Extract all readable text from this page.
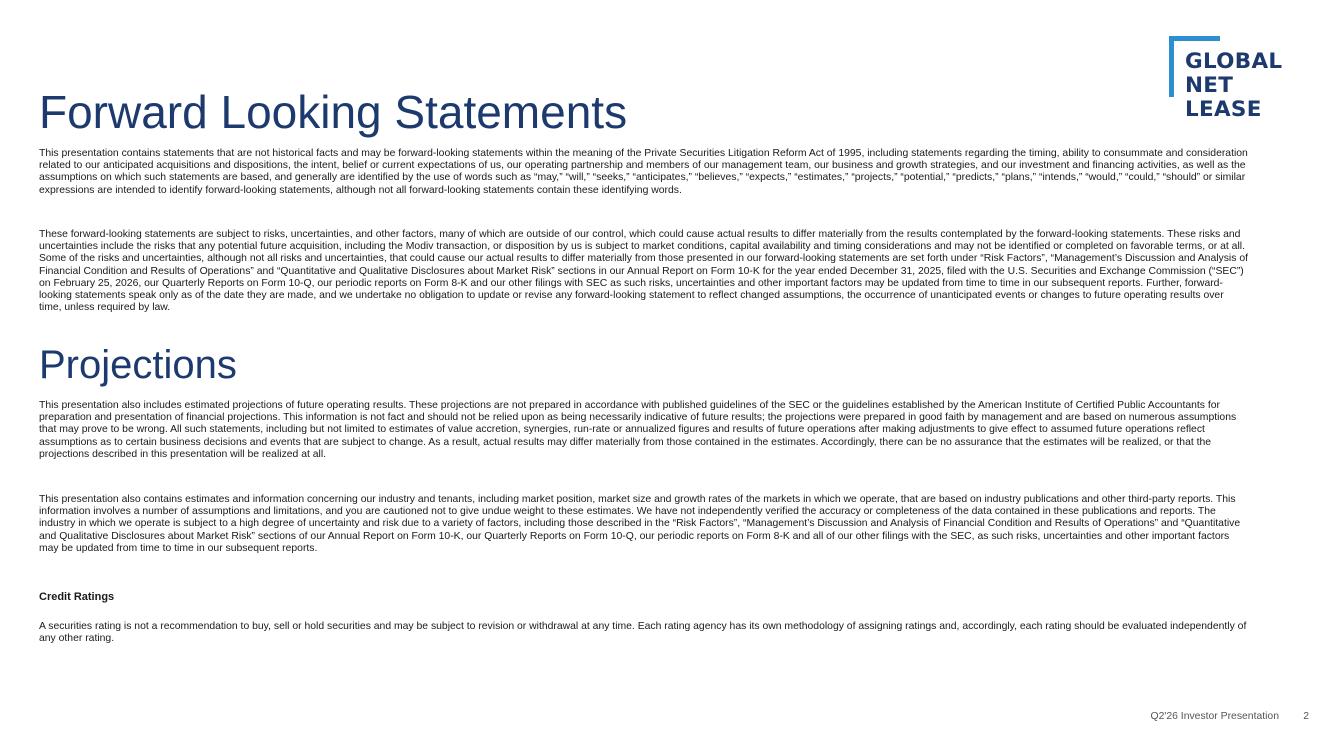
GLOBAL
NET
LEASE
Forward Looking Statements

This presentation contains statements that are not historical facts and may be forward-looking statements within the meaning of the Private Securities Litigation Reform Act of 1995, including statements regarding the timing, ability to consummate and consideration related to our anticipated acquisitions and dispositions, the intent, belief or current expectations of us, our operating partnership and members of our management team, our business and growth strategies, and our investment and financing activities, as well as the assumptions on which such statements are based, and generally are identified by the use of words such as “may,” “will,” “seeks,” “anticipates,” “believes,” “expects,” “estimates,” “projects,” “potential,” “predicts,” “plans,” “intends,” “would,” “could,” “should” or similar expressions are intended to identify forward-looking statements, although not all forward-looking statements contain these identifying words.

These forward-looking statements are subject to risks, uncertainties, and other factors, many of which are outside of our control, which could cause actual results to differ materially from the results contemplated by the forward-looking statements. These risks and uncertainties include the risks that any potential future acquisition, including the Modiv transaction, or disposition by us is subject to market conditions, capital availability and timing considerations and may not be identified or completed on favorable terms, or at all. Some of the risks and uncertainties, although not all risks and uncertainties, that could cause our actual results to differ materially from those presented in our forward-looking statements are set forth under “Risk Factors”, “Management’s Discussion and Analysis of Financial Condition and Results of Operations” and “Quantitative and Qualitative Disclosures about Market Risk” sections in our Annual Report on Form 10-K for the year ended December 31, 2025, filed with the U.S. Securities and Exchange Commission (“SEC”) on February 25, 2026, our Quarterly Reports on Form 10-Q, our periodic reports on Form 8-K and our other filings with SEC as such risks, uncertainties and other important factors may be updated from time to time in our subsequent reports. Further, forward-looking statements speak only as of the date they are made, and we undertake no obligation to update or revise any forward-looking statement to reflect changed assumptions, the occurrence of unanticipated events or changes to future operating results over time, unless required by law.

Projections

This presentation also includes estimated projections of future operating results. These projections are not prepared in accordance with published guidelines of the SEC or the guidelines established by the American Institute of Certified Public Accountants for preparation and presentation of financial projections. This information is not fact and should not be relied upon as being necessarily indicative of future results; the projections were prepared in good faith by management and are based on numerous assumptions that may prove to be wrong. All such statements, including but not limited to estimates of value accretion, synergies, run-rate or annualized figures and results of future operations after making adjustments to give effect to assumed future operations reflect assumptions as to certain business decisions and events that are subject to change. As a result, actual results may differ materially from those contained in the estimates. Accordingly, there can be no assurance that the estimates will be realized, or that the projections described in this presentation will be realized at all.

This presentation also contains estimates and information concerning our industry and tenants, including market position, market size and growth rates of the markets in which we operate, that are based on industry publications and other third-party reports. This information involves a number of assumptions and limitations, and you are cautioned not to give undue weight to these estimates. We have not independently verified the accuracy or completeness of the data contained in these publications and reports. The industry in which we operate is subject to a high degree of uncertainty and risk due to a variety of factors, including those described in the “Risk Factors”, “Management’s Discussion and Analysis of Financial Condition and Results of Operations” and “Quantitative and Qualitative Disclosures about Market Risk” sections of our Annual Report on Form 10-K, our Quarterly Reports on Form 10-Q, our periodic reports on Form 8-K and all of our other filings with the SEC, as such risks, uncertainties and other important factors may be updated from time to time in our subsequent reports.

Credit Ratings

A securities rating is not a recommendation to buy, sell or hold securities and may be subject to revision or withdrawal at any time. Each rating agency has its own methodology of assigning ratings and, accordingly, each rating should be evaluated independently of any other rating.

Q2'26 Investor Presentation 2
